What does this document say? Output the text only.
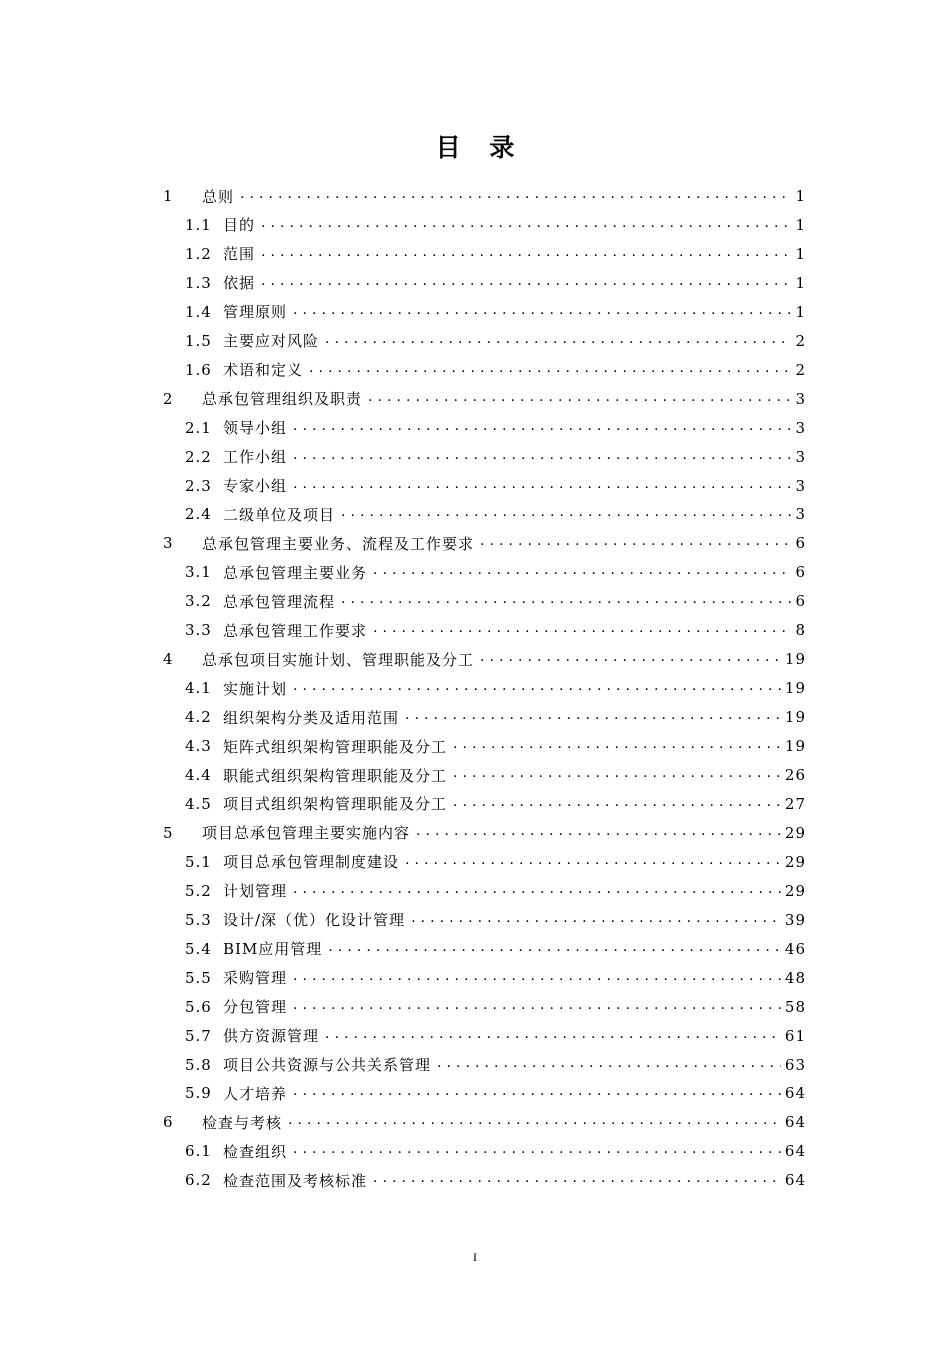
目 录
1	总则 . . .	1
1.1 目的 . . .	1
1.2 范围 . . .	1
1.3 依据 . . .	1
1.4 管理原则 . . .	1
1.5 主要应对风险 . . .	2
1.6 术语和定义 . . .	2
2	总承包管理组织及职责 . . .	3
2.1 领导小组 . . .	3
2.2 工作小组 . . .	3
2.3 专家小组 . . .	3
2.4 二级单位及项目 . . .	3
3	总承包管理主要业务、流程及工作要求 . . .	6
3.1 总承包管理主要业务 . . .	6
3.2 总承包管理流程 . . .	6
3.3 总承包管理工作要求 . . .	8
4	总承包项目实施计划、管理职能及分工 . . .	19
4.1 实施计划 . . .	19
4.2 组织架构分类及适用范围 . . .	19
4.3 矩阵式组织架构管理职能及分工 . . .	19
4.4 职能式组织架构管理职能及分工 . . .	26
4.5 项目式组织架构管理职能及分工 . . .	27
5	项目总承包管理主要实施内容 . . .	29
5.1 项目总承包管理制度建设 . . .	29
5.2 计划管理 . . .	29
5.3 设计/深（优）化设计管理 . . .	39
5.4 BIM应用管理 . . .	46
5.5 采购管理 . . .	48
5.6 分包管理 . . .	58
5.7 供方资源管理 . . .	61
5.8 项目公共资源与公共关系管理 . . .	63
5.9 人才培养 . . .	64
6	检查与考核 . . .	64
6.1 检查组织 . . .	64
6.2 检查范围及考核标准 . . .	64
I
